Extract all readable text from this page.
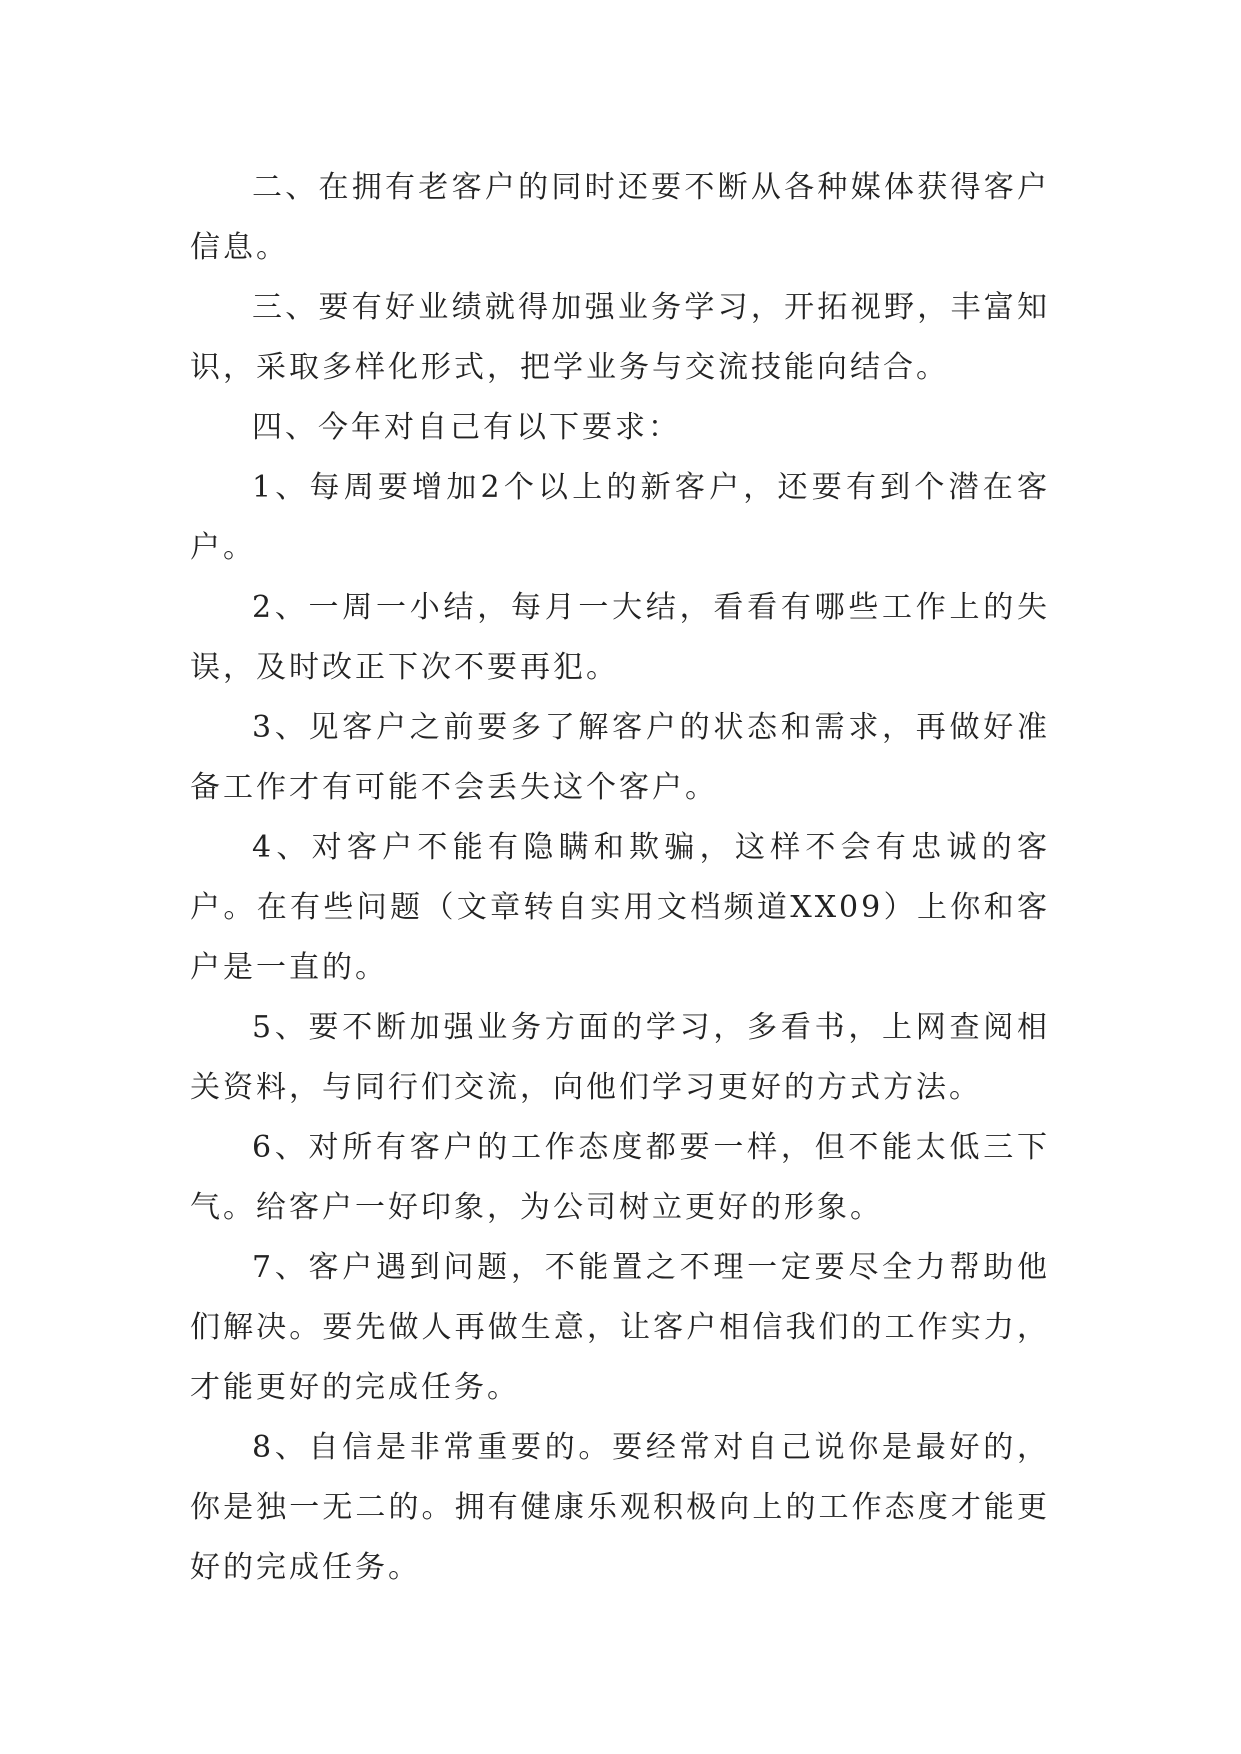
二、在拥有老客户的同时还要不断从各种媒体获得客户信息。

三、要有好业绩就得加强业务学习，开拓视野，丰富知识，采取多样化形式，把学业务与交流技能向结合。

四、今年对自己有以下要求：

1、每周要增加2个以上的新客户，还要有到个潜在客户。

2、一周一小结，每月一大结，看看有哪些工作上的失误，及时改正下次不要再犯。

3、见客户之前要多了解客户的状态和需求，再做好准备工作才有可能不会丢失这个客户。

4、对客户不能有隐瞒和欺骗，这样不会有忠诚的客户。在有些问题（文章转自实用文档频道XX09）上你和客户是一直的。

5、要不断加强业务方面的学习，多看书，上网查阅相关资料，与同行们交流，向他们学习更好的方式方法。

6、对所有客户的工作态度都要一样，但不能太低三下气。给客户一好印象，为公司树立更好的形象。

7、客户遇到问题，不能置之不理一定要尽全力帮助他们解决。要先做人再做生意，让客户相信我们的工作实力，才能更好的完成任务。

8、自信是非常重要的。要经常对自己说你是最好的，你是独一无二的。拥有健康乐观积极向上的工作态度才能更好的完成任务。
